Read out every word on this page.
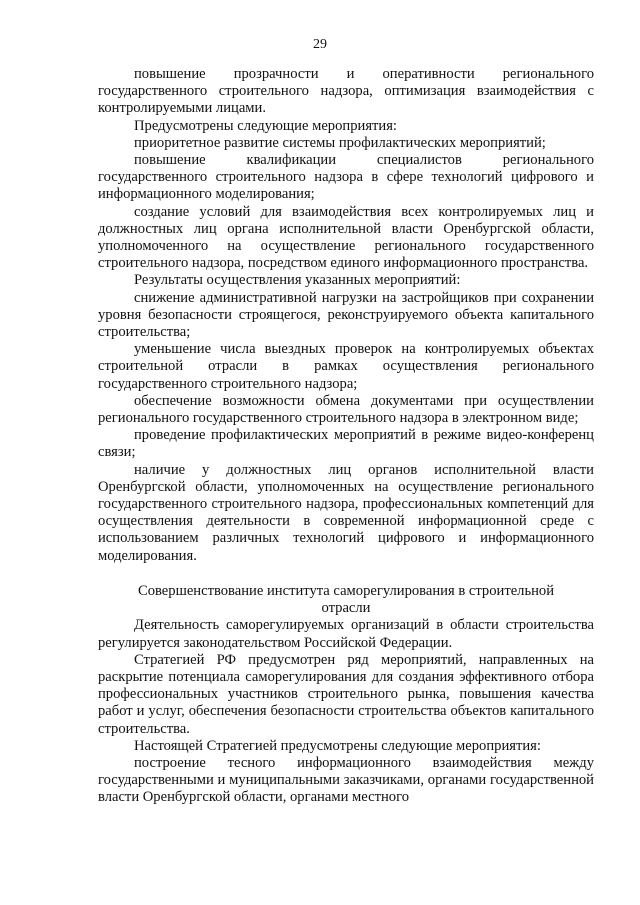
29

повышение прозрачности и оперативности регионального государственного строительного надзора, оптимизация взаимодействия с контролируемыми лицами.

Предусмотрены следующие мероприятия:

приоритетное развитие системы профилактических мероприятий;

повышение квалификации специалистов регионального государственного строительного надзора в сфере технологий цифрового и информационного моделирования;

создание условий для взаимодействия всех контролируемых лиц и должностных лиц органа исполнительной власти Оренбургской области, уполномоченного на осуществление регионального государственного строительного надзора, посредством единого информационного пространства.

Результаты осуществления указанных мероприятий:

снижение административной нагрузки на застройщиков при сохранении уровня безопасности строящегося, реконструируемого объекта капитального строительства;

уменьшение числа выездных проверок на контролируемых объектах строительной отрасли в рамках осуществления регионального государственного строительного надзора;

обеспечение возможности обмена документами при осуществлении регионального государственного строительного надзора в электронном виде;

проведение профилактических мероприятий в режиме видео-конференц связи;

наличие у должностных лиц органов исполнительной власти Оренбургской области, уполномоченных на осуществление регионального государственного строительного надзора, профессиональных компетенций для осуществления деятельности в современной информационной среде с использованием различных технологий цифрового и информационного моделирования.

Совершенствование института саморегулирования в строительной отрасли

Деятельность саморегулируемых организаций в области строительства регулируется законодательством Российской Федерации.

Стратегией РФ предусмотрен ряд мероприятий, направленных на раскрытие потенциала саморегулирования для создания эффективного отбора профессиональных участников строительного рынка, повышения качества работ и услуг, обеспечения безопасности строительства объектов капитального строительства.

Настоящей Стратегией предусмотрены следующие мероприятия:

построение тесного информационного взаимодействия между государственными и муниципальными заказчиками, органами государственной власти Оренбургской области, органами местного
